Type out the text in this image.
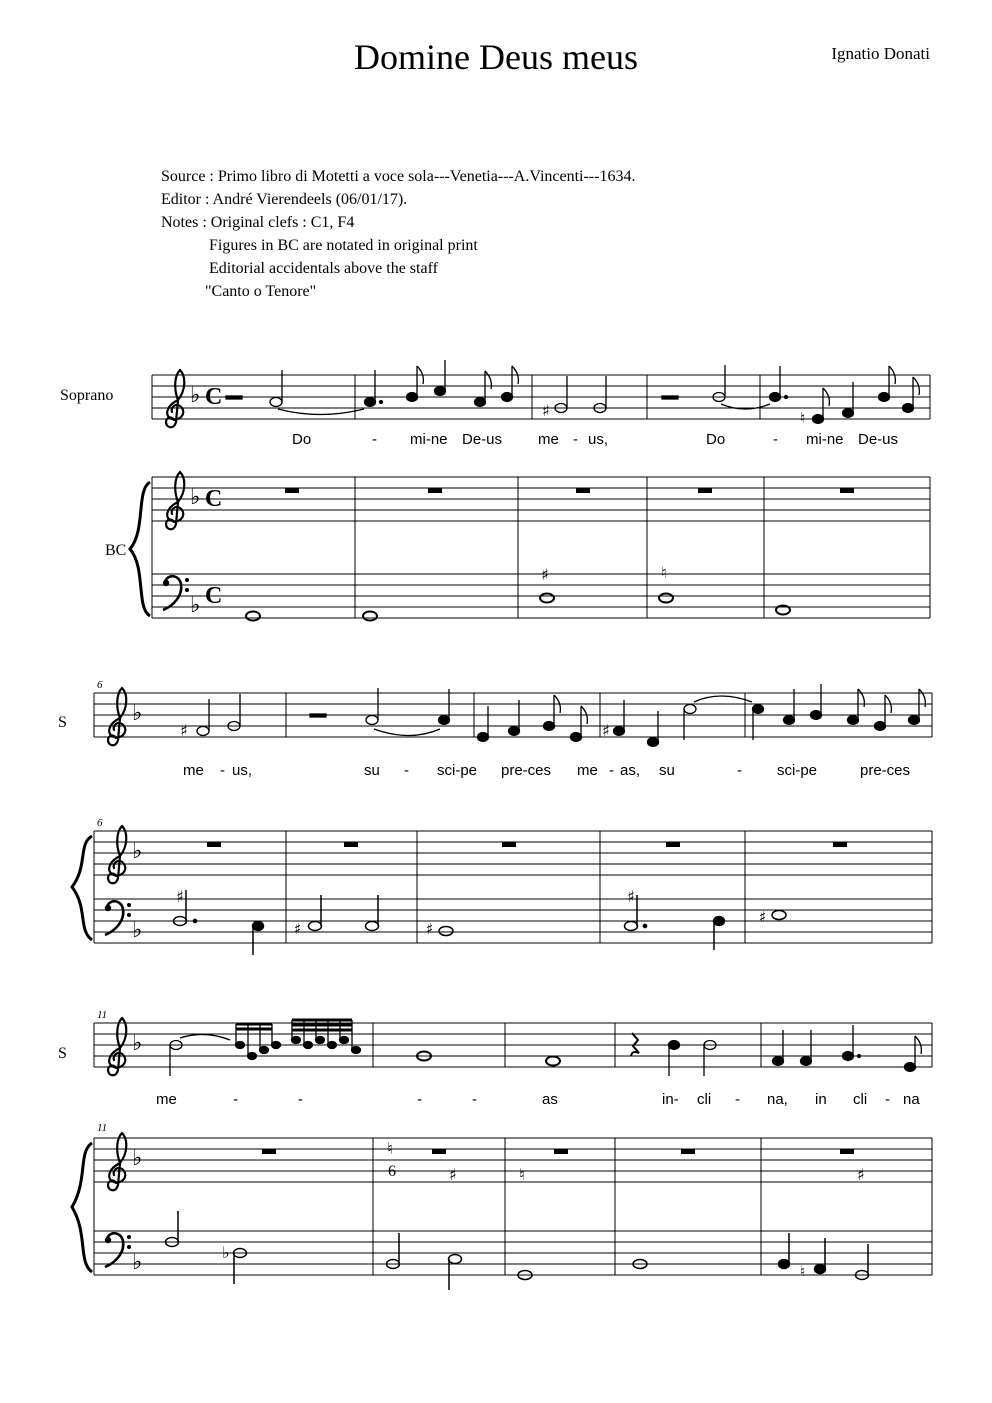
Domine Deus meus	Ignatio Donati
Source : Primo libro di Motetti a voce sola---Venetia---A.Vincenti---1634.
Editor : André Vierendeels (06/01/17).
Notes : Original clefs : C1, F4
Figures in BC are notated in original print
Editorial accidentals above the staff
"Canto o Tenore"
♭ C
♯	♮
Do	- mi-ne De-us me - us,	Do	- mi-ne De-us
Soprano
♭ C
♭ C
♯	♮
BC
6
♭
♯	♯
S
me - us,	su - sci-pe pre-ces me - as, su	- sci-pe	pre-ces
6
♭
♭	♯	♯
♯
♯	♯
11
♭
S
me	-	-	-	-	as	in- cli - na, in cli - na
11
♭
♭	♭
♮
♮
6	♯	♮	♯
